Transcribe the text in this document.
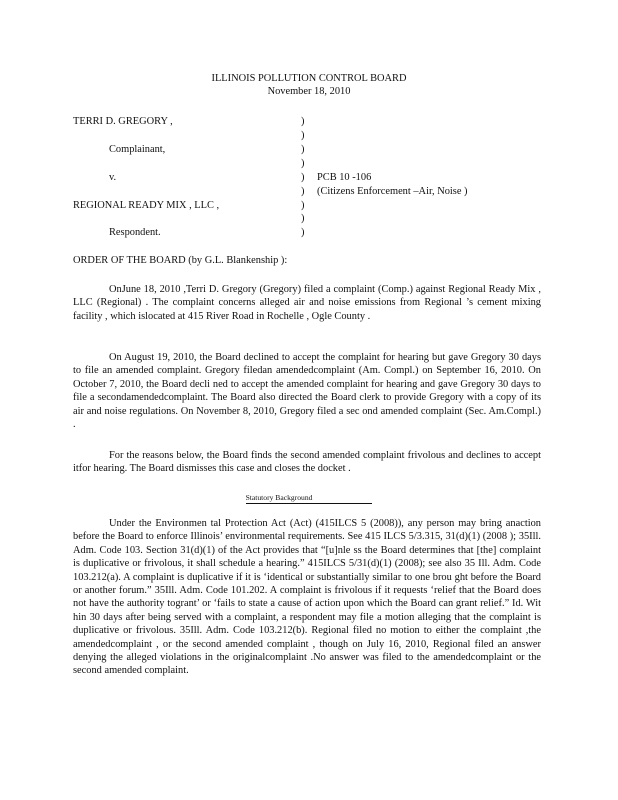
ILLINOIS POLLUTION CONTROL BOARD
November 18, 2010
TERRI D. GREGORY ,
Complainant,
v.	PCB 10 -106
(Citizens Enforcement –Air, Noise )
REGIONAL READY MIX , LLC ,
Respondent.
)
)
)
)
)
)
)
)
)
ORDER OF THE BOARD (by G.L. Blankenship ):

OnJune 18, 2010 ,Terri D. Gregory (Gregory) filed a complaint (Comp.) against Regional Ready Mix , LLC (Regional) . The complaint concerns alleged air and noise emissions from Regional ’s cement mixing facility , which islocated at 415 River Road in Rochelle , Ogle County .

On August 19, 2010, the Board declined to accept the complaint for hearing but gave Gregory 30 days to file an amended complaint. Gregory filedan amendedcomplaint (Am. Compl.) on September 16, 2010. On October 7, 2010, the Board decli ned to accept the amended complaint for hearing and gave Gregory 30 days to file a secondamendedcomplaint. The Board also directed the Board clerk to provide Gregory with a copy of its air and noise regulations. On November 8, 2010, Gregory filed a sec ond amended complaint (Sec. Am.Compl.) .

For the reasons below, the Board finds the second amended complaint frivolous and declines to accept itfor hearing. The Board dismisses this case and closes the docket .

Statutory Background

Under the Environmen tal Protection Act (Act) (415ILCS 5 (2008)), any person may bring anaction before the Board to enforce Illinois’ environmental requirements. See 415 ILCS 5/3.315, 31(d)(1) (2008 ); 35Ill. Adm. Code 103. Section 31(d)(1) of the Act provides that “[u]nle ss the Board determines that [the] complaint is duplicative or frivolous, it shall schedule a hearing.” 415ILCS 5/31(d)(1) (2008); see also 35 Ill. Adm. Code 103.212(a). A complaint is duplicative if it is ‘identical or substantially similar to one brou ght before the Board or another forum.” 35Ill. Adm. Code 101.202. A complaint is frivolous if it requests ‘relief that the Board does not have the authority togrant’ or ‘fails to state a cause of action upon which the Board can grant relief.” Id. Wit hin 30 days after being served with a complaint, a respondent may file a motion alleging that the complaint is duplicative or frivolous. 35Ill. Adm. Code 103.212(b). Regional filed no motion to either the complaint ,the amendedcomplaint , or the second amended complaint , though on July 16, 2010, Regional filed an answer denying the alleged violations in the originalcomplaint .No answer was filed to the amendedcomplaint or the second amended complaint.
